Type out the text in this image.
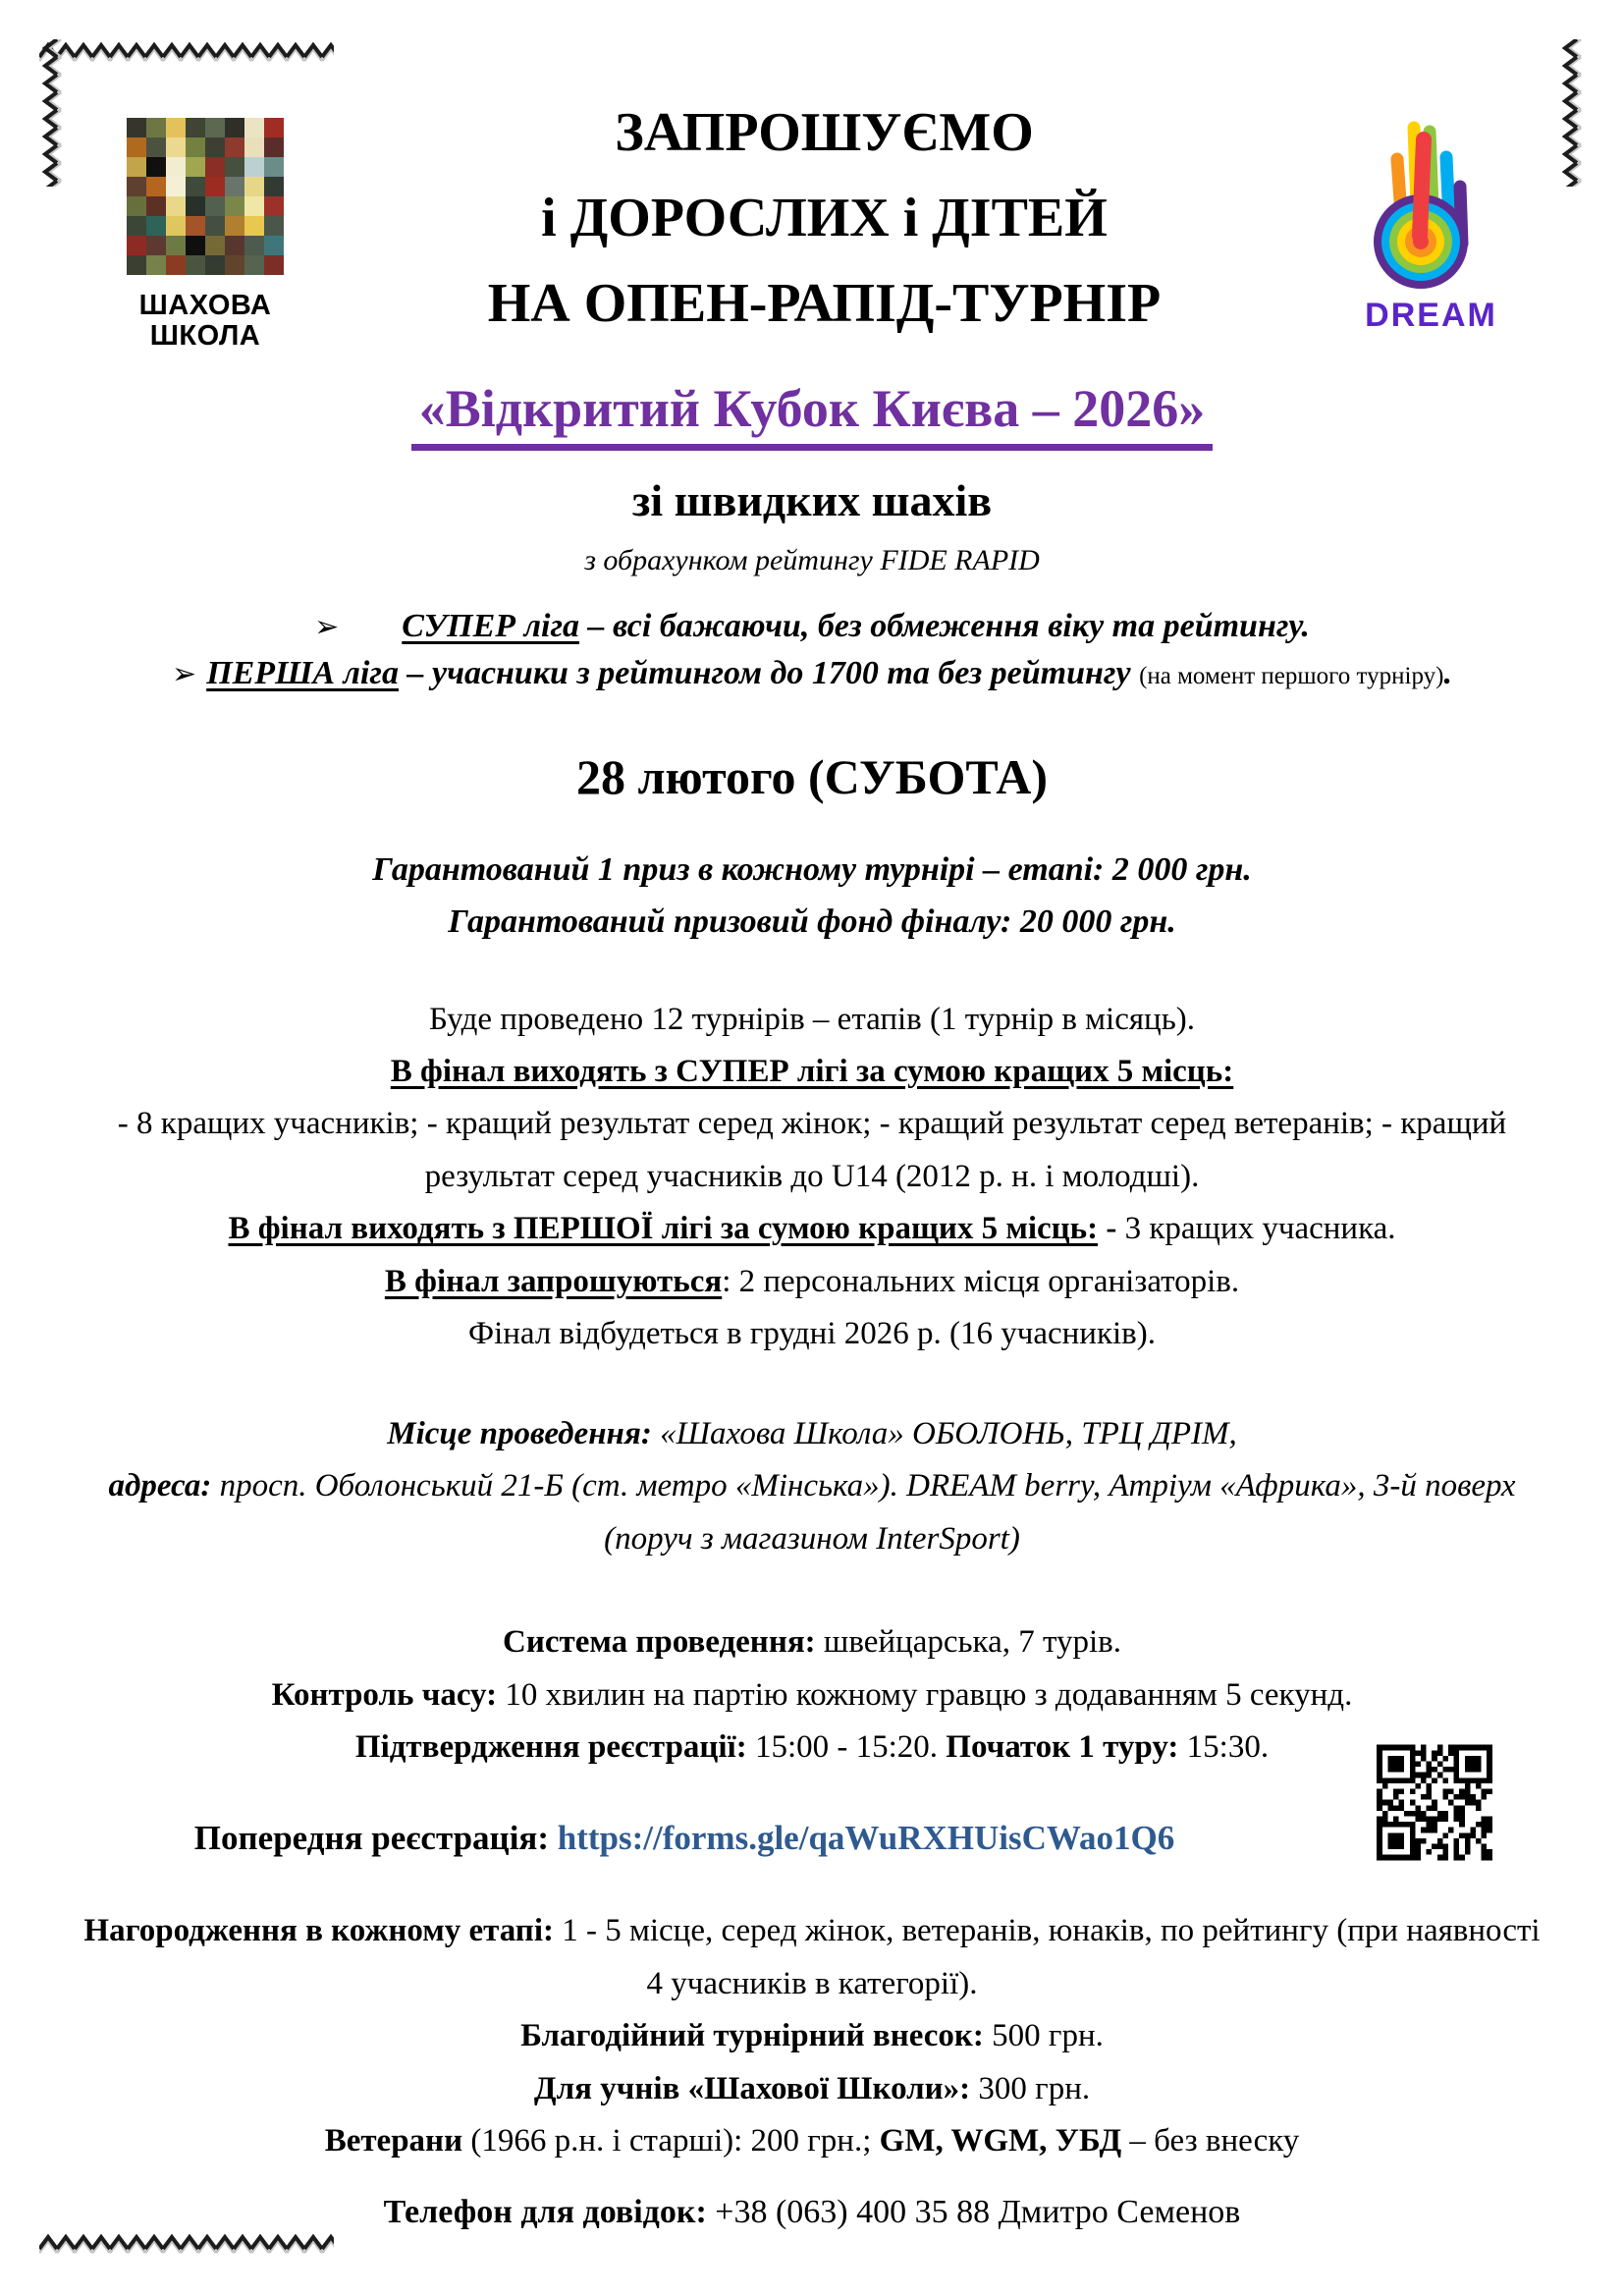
ШАХОВА
ШКОЛА
ЗАПРОШУЄМО
і ДОРОСЛИХ і ДІТЕЙ
НА ОПЕН-РАПІД-ТУРНІР	DREAM
«Відкритий Кубок Києва – 2026»
зі швидких шахів
з обрахунком рейтингу FIDE RAPID
➢ СУПЕР ліга – всі бажаючи, без обмеження віку та рейтингу.
➢ ПЕРША ліга – учасники з рейтингом до 1700 та без рейтингу (на момент першого турніру).
28 лютого (СУБОТА)
Гарантований 1 приз в кожному турнірі – етапі: 2 000 грн.
Гарантований призовий фонд фіналу: 20 000 грн.
Буде проведено 12 турнірів – етапів (1 турнір в місяць).
В фінал виходять з СУПЕР лігі за сумою кращих 5 місць:
- 8 кращих учасників; - кращий результат серед жінок; - кращий результат серед ветеранів; - кращий результат серед учасників до U14 (2012 р. н. і молодші).
В фінал виходять з ПЕРШОЇ лігі за сумою кращих 5 місць: - 3 кращих учасника.
В фінал запрошуються: 2 персональних місця організаторів.
Фінал відбудеться в грудні 2026 р. (16 учасників).
Місце проведення: «Шахова Школа» ОБОЛОНЬ, ТРЦ ДРІМ,
адреса: просп. Оболонський 21-Б (ст. метро «Мінська»). DREAM berry, Атріум «Африка», 3-й поверх (поруч з магазином InterSport)
Система проведення: швейцарська, 7 турів.
Контроль часу: 10 хвилин на партію кожному гравцю з додаванням 5 секунд.
Підтвердження реєстрації: 15:00 - 15:20. Початок 1 туру: 15:30.
Попередня реєстрація: https://forms.gle/qaWuRXHUisCWao1Q6
Нагородження в кожному етапі: 1 - 5 місце, серед жінок, ветеранів, юнаків, по рейтингу (при наявності 4 учасників в категорії).
Благодійний турнірний внесок: 500 грн.
Для учнів «Шахової Школи»: 300 грн.
Ветерани (1966 р.н. і старші): 200 грн.; GM, WGM, УБД – без внеску
Телефон для довідок: +38 (063) 400 35 88 Дмитро Семенов
